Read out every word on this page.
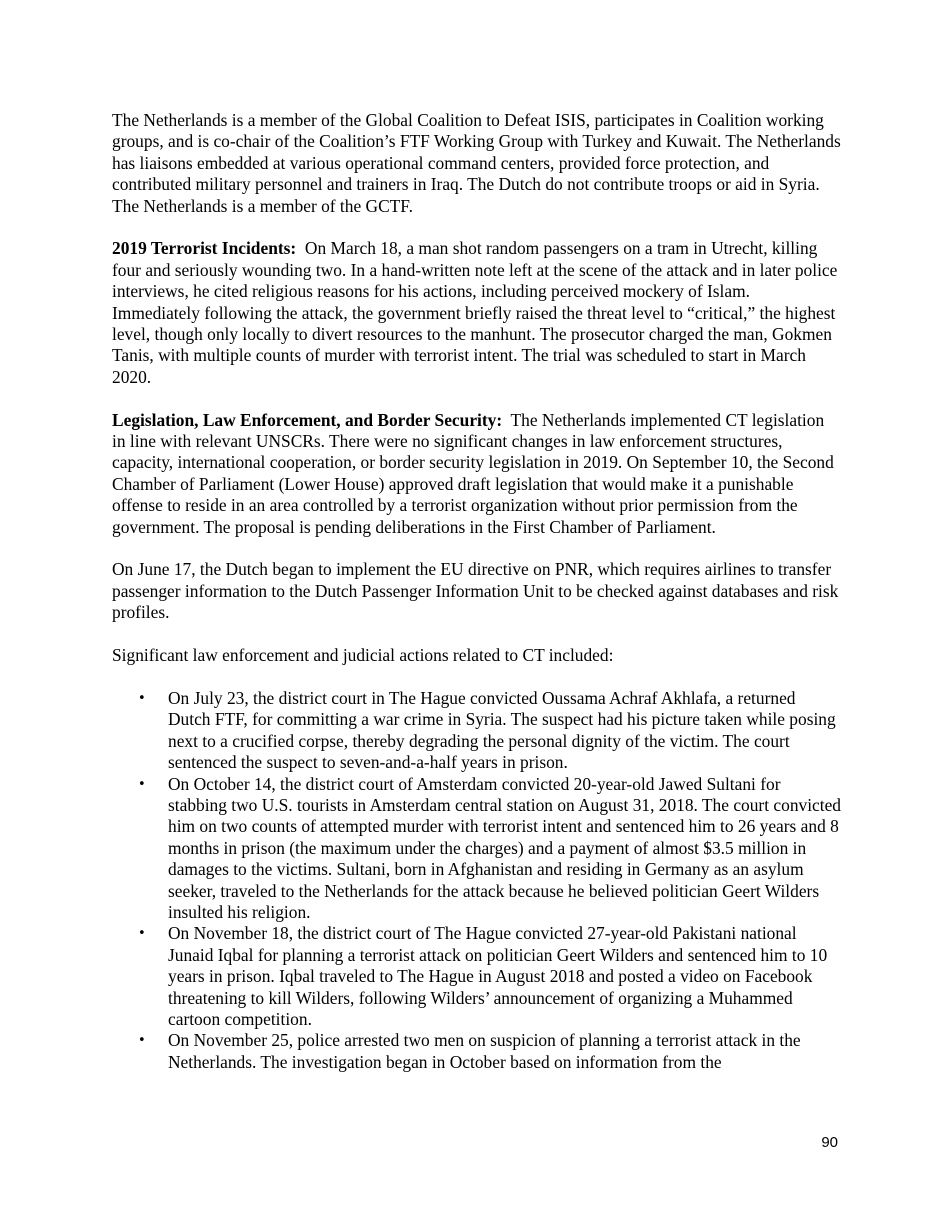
The Netherlands is a member of the Global Coalition to Defeat ISIS, participates in Coalition working groups, and is co-chair of the Coalition’s FTF Working Group with Turkey and Kuwait. The Netherlands has liaisons embedded at various operational command centers, provided force protection, and contributed military personnel and trainers in Iraq. The Dutch do not contribute troops or aid in Syria. The Netherlands is a member of the GCTF.

2019 Terrorist Incidents: On March 18, a man shot random passengers on a tram in Utrecht, killing four and seriously wounding two. In a hand-written note left at the scene of the attack and in later police interviews, he cited religious reasons for his actions, including perceived mockery of Islam. Immediately following the attack, the government briefly raised the threat level to “critical,” the highest level, though only locally to divert resources to the manhunt. The prosecutor charged the man, Gokmen Tanis, with multiple counts of murder with terrorist intent. The trial was scheduled to start in March 2020.

Legislation, Law Enforcement, and Border Security: The Netherlands implemented CT legislation in line with relevant UNSCRs. There were no significant changes in law enforcement structures, capacity, international cooperation, or border security legislation in 2019. On September 10, the Second Chamber of Parliament (Lower House) approved draft legislation that would make it a punishable offense to reside in an area controlled by a terrorist organization without prior permission from the government. The proposal is pending deliberations in the First Chamber of Parliament.

On June 17, the Dutch began to implement the EU directive on PNR, which requires airlines to transfer passenger information to the Dutch Passenger Information Unit to be checked against databases and risk profiles.

Significant law enforcement and judicial actions related to CT included:

• On July 23, the district court in The Hague convicted Oussama Achraf Akhlafa, a returned Dutch FTF, for committing a war crime in Syria. The suspect had his picture taken while posing next to a crucified corpse, thereby degrading the personal dignity of the victim. The court sentenced the suspect to seven-and-a-half years in prison.
• On October 14, the district court of Amsterdam convicted 20-year-old Jawed Sultani for stabbing two U.S. tourists in Amsterdam central station on August 31, 2018. The court convicted him on two counts of attempted murder with terrorist intent and sentenced him to 26 years and 8 months in prison (the maximum under the charges) and a payment of almost $3.5 million in damages to the victims. Sultani, born in Afghanistan and residing in Germany as an asylum seeker, traveled to the Netherlands for the attack because he believed politician Geert Wilders insulted his religion.
• On November 18, the district court of The Hague convicted 27-year-old Pakistani national Junaid Iqbal for planning a terrorist attack on politician Geert Wilders and sentenced him to 10 years in prison. Iqbal traveled to The Hague in August 2018 and posted a video on Facebook threatening to kill Wilders, following Wilders’ announcement of organizing a Muhammed cartoon competition.
• On November 25, police arrested two men on suspicion of planning a terrorist attack in the Netherlands. The investigation began in October based on information from the
90
